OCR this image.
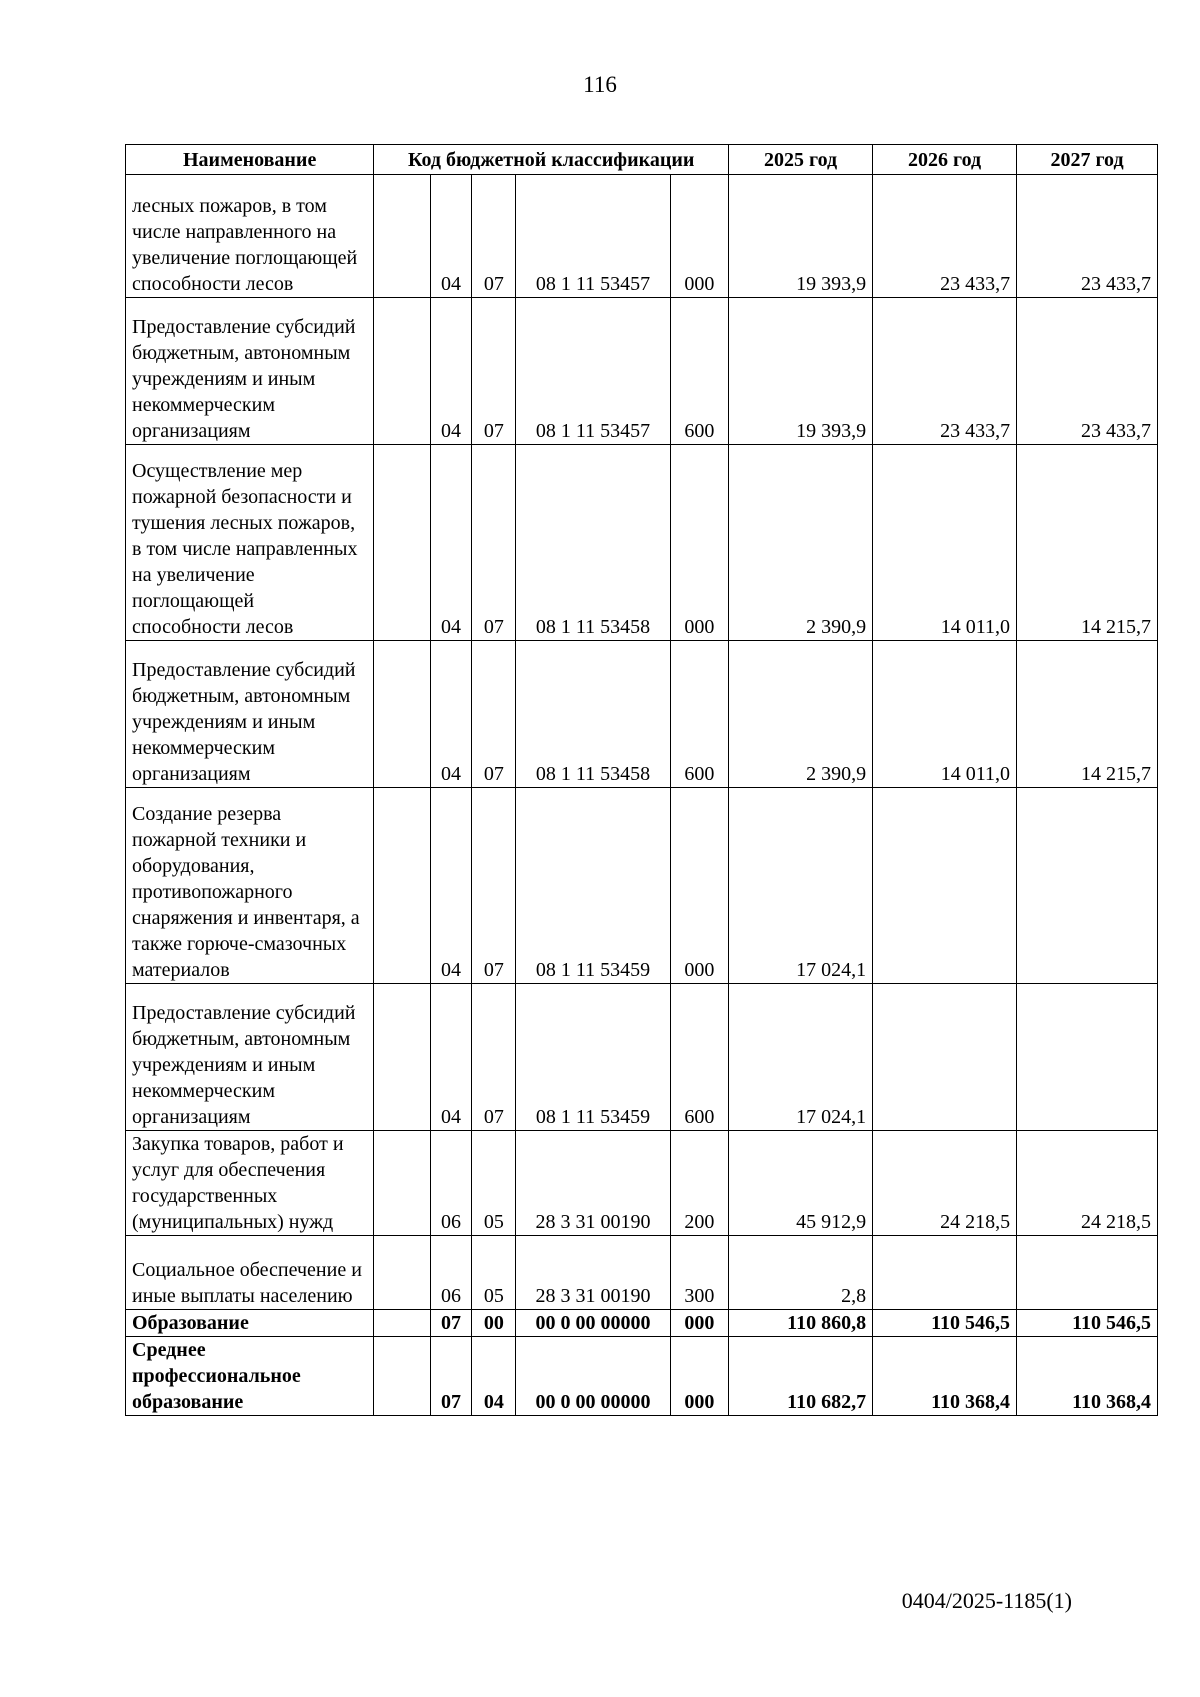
116
Наименование	Код бюджетной классификации					2025 год	2026 год	2027 год
лесных пожаров, в том числе направленного на увеличение поглощающей способности лесов		04	07	08 1 11 53457	000	19 393,9	23 433,7	23 433,7
Предоставление субсидий бюджетным, автономным учреждениям и иным некоммерческим организациям		04	07	08 1 11 53457	600	19 393,9	23 433,7	23 433,7
Осуществление мер пожарной безопасности и тушения лесных пожаров, в том числе направленных на увеличение поглощающей способности лесов		04	07	08 1 11 53458	000	2 390,9	14 011,0	14 215,7
Предоставление субсидий бюджетным, автономным учреждениям и иным некоммерческим организациям		04	07	08 1 11 53458	600	2 390,9	14 011,0	14 215,7
Создание резерва пожарной техники и оборудования, противопожарного снаряжения и инвентаря, а также горюче-смазочных материалов		04	07	08 1 11 53459	000	17 024,1		
Предоставление субсидий бюджетным, автономным учреждениям и иным некоммерческим организациям		04	07	08 1 11 53459	600	17 024,1		
Закупка товаров, работ и услуг для обеспечения государственных (муниципальных) нужд		06	05	28 3 31 00190	200	45 912,9	24 218,5	24 218,5
Социальное обеспечение и иные выплаты населению		06	05	28 3 31 00190	300	2,8		
Образование		07	00	00 0 00 00000	000	110 860,8	110 546,5	110 546,5
Среднее профессиональное образование		07	04	00 0 00 00000	000	110 682,7	110 368,4	110 368,4
0404/2025-1185(1)
